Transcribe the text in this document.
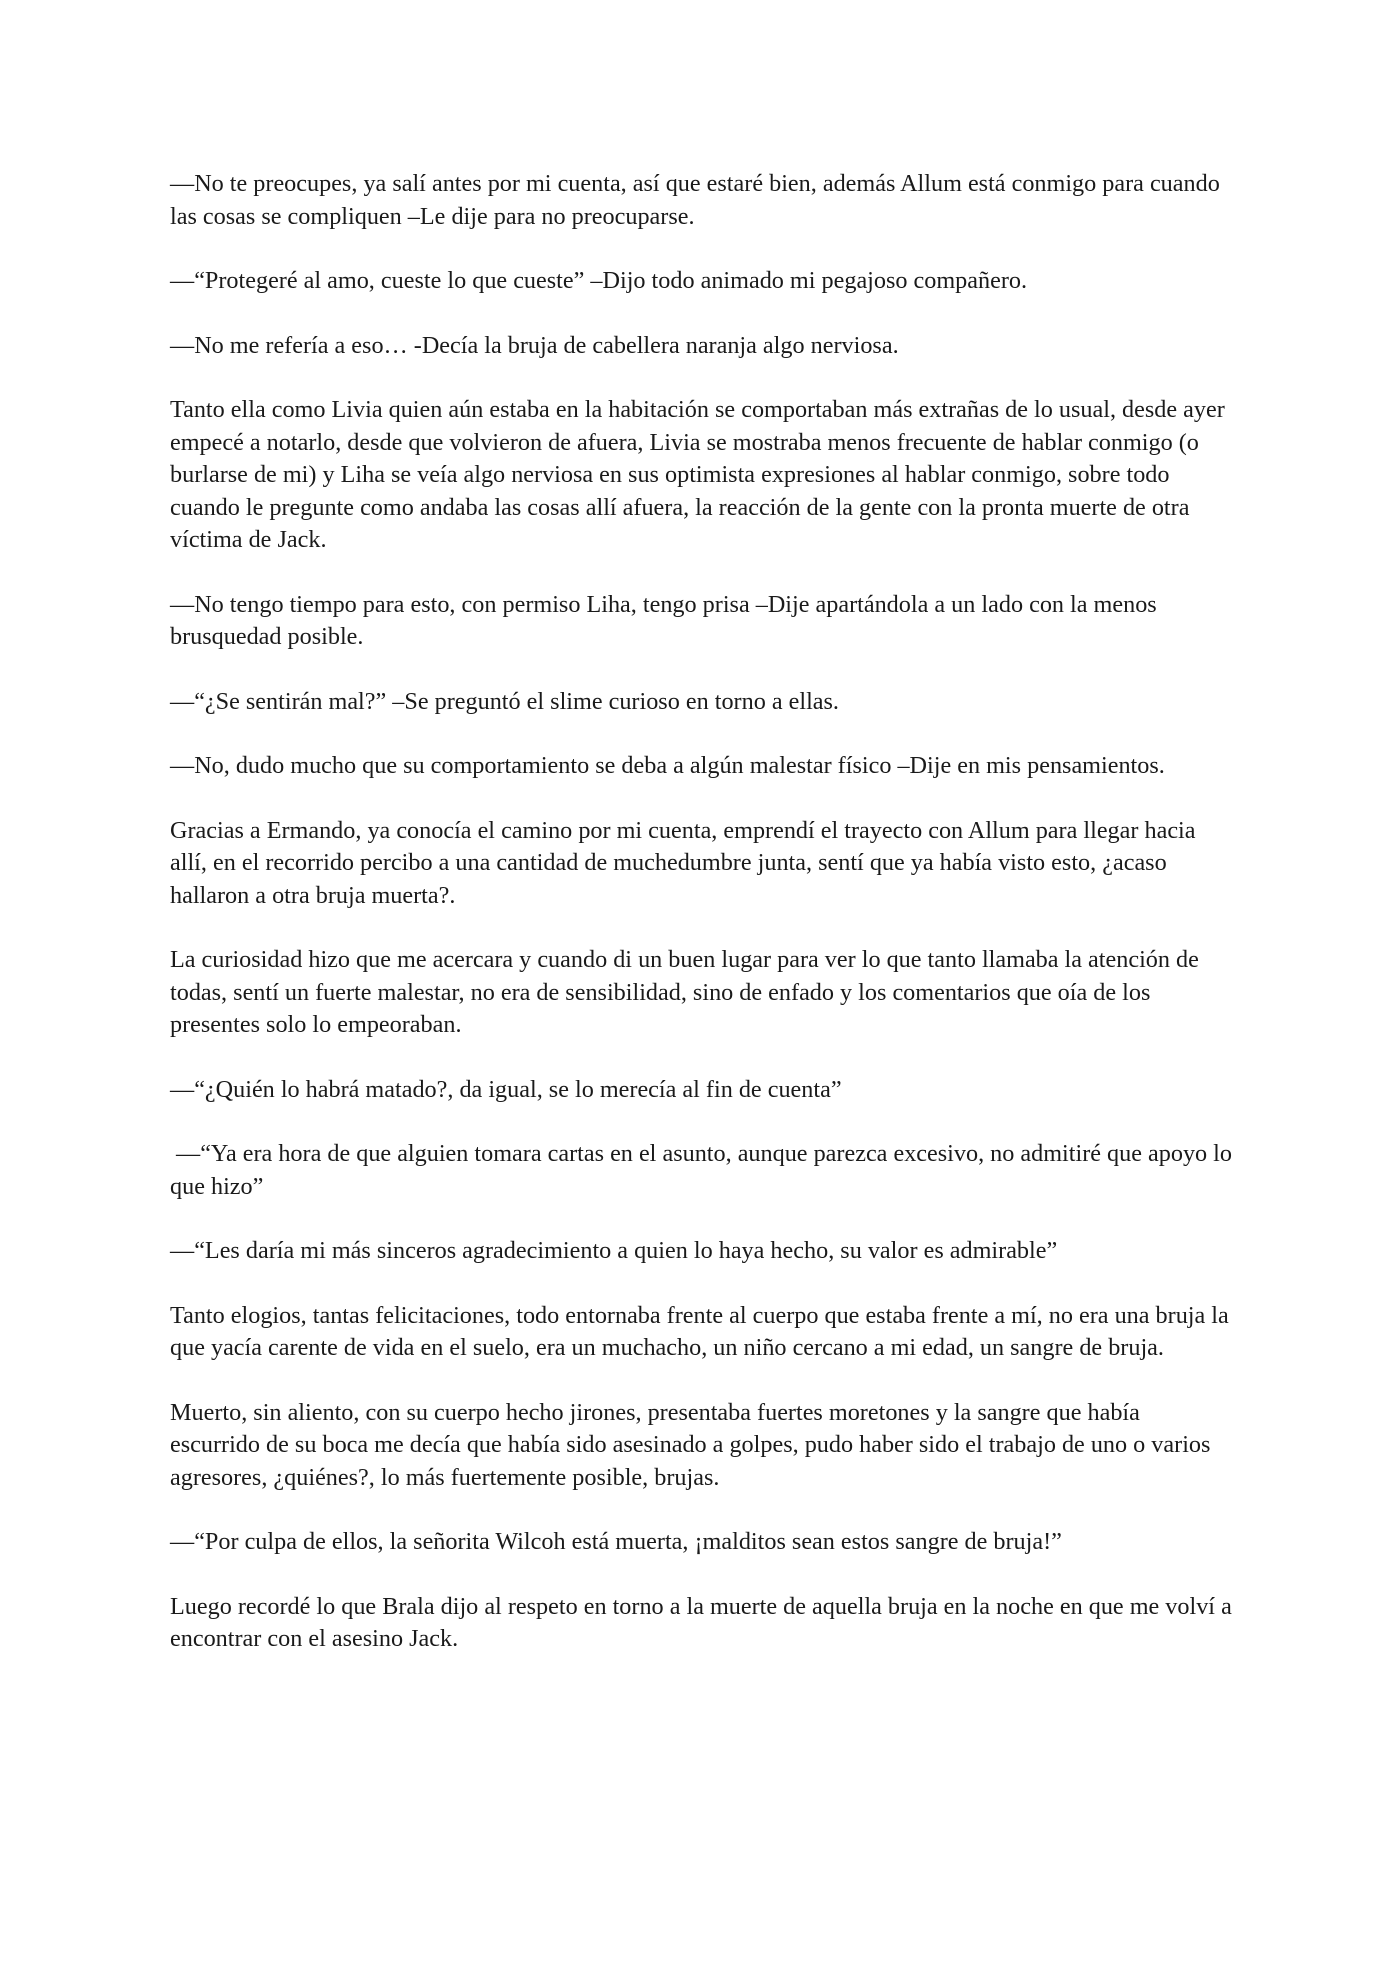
—No te preocupes, ya salí antes por mi cuenta, así que estaré bien, además Allum está conmigo para cuando las cosas se compliquen –Le dije para no preocuparse.

—“Protegeré al amo, cueste lo que cueste” –Dijo todo animado mi pegajoso compañero.

—No me refería a eso… -Decía la bruja de cabellera naranja algo nerviosa.

Tanto ella como Livia quien aún estaba en la habitación se comportaban más extrañas de lo usual, desde ayer empecé a notarlo, desde que volvieron de afuera, Livia se mostraba menos frecuente de hablar conmigo (o burlarse de mi) y Liha se veía algo nerviosa en sus optimista expresiones al hablar conmigo, sobre todo cuando le pregunte como andaba las cosas allí afuera, la reacción de la gente con la pronta muerte de otra víctima de Jack.

—No tengo tiempo para esto, con permiso Liha, tengo prisa –Dije apartándola a un lado con la menos brusquedad posible.

—“¿Se sentirán mal?” –Se preguntó el slime curioso en torno a ellas.

—No, dudo mucho que su comportamiento se deba a algún malestar físico –Dije en mis pensamientos.

Gracias a Ermando, ya conocía el camino por mi cuenta, emprendí el trayecto con Allum para llegar hacia allí, en el recorrido percibo a una cantidad de muchedumbre junta, sentí que ya había visto esto, ¿acaso hallaron a otra bruja muerta?.

La curiosidad hizo que me acercara y cuando di un buen lugar para ver lo que tanto llamaba la atención de todas, sentí un fuerte malestar, no era de sensibilidad, sino de enfado y los comentarios que oía de los presentes solo lo empeoraban.

—“¿Quién lo habrá matado?, da igual, se lo merecía al fin de cuenta”

—“Ya era hora de que alguien tomara cartas en el asunto, aunque parezca excesivo, no admitiré que apoyo lo que hizo”

—“Les daría mi más sinceros agradecimiento a quien lo haya hecho, su valor es admirable”

Tanto elogios, tantas felicitaciones, todo entornaba frente al cuerpo que estaba frente a mí, no era una bruja la que yacía carente de vida en el suelo, era un muchacho, un niño cercano a mi edad, un sangre de bruja.

Muerto, sin aliento, con su cuerpo hecho jirones, presentaba fuertes moretones y la sangre que había escurrido de su boca me decía que había sido asesinado a golpes, pudo haber sido el trabajo de uno o varios agresores, ¿quiénes?, lo más fuertemente posible, brujas.

—“Por culpa de ellos, la señorita Wilcoh está muerta, ¡malditos sean estos sangre de bruja!”

Luego recordé lo que Brala dijo al respeto en torno a la muerte de aquella bruja en la noche en que me volví a encontrar con el asesino Jack.
